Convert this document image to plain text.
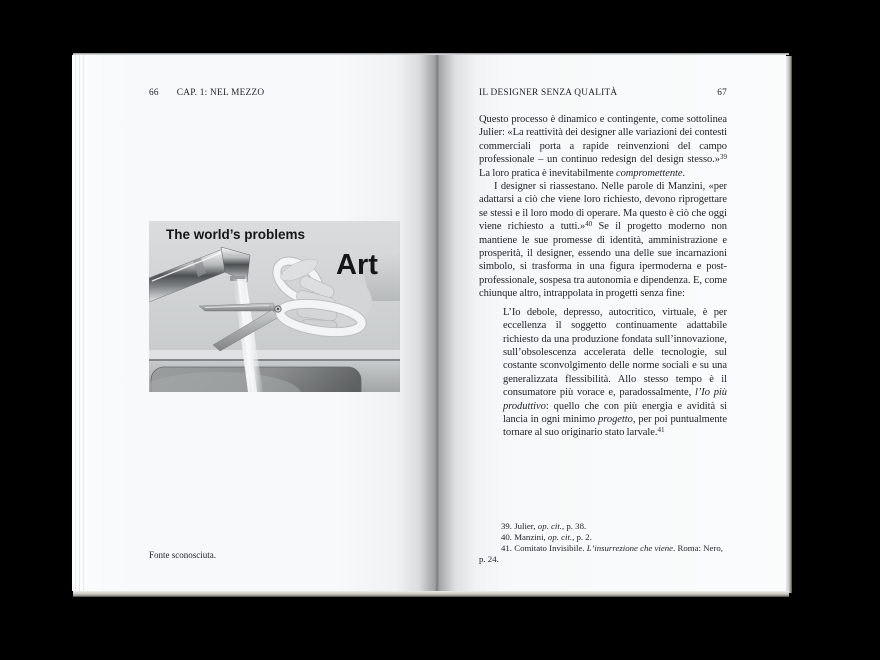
66 CAP. 1: NEL MEZZO
The world’s problems
Art
Fonte sconosciuta.
IL DESIGNER SENZA QUALITÀ	67

Questo processo è dinamico e contingente, come sottolinea Julier: «La reattività dei designer alle variazioni dei contesti commerciali porta a rapide reinvenzioni del campo professionale – un continuo redesign del design stesso.»$^{39}$ La loro pratica è inevitabilmente compromettente.

I designer si riassestano. Nelle parole di Manzini, «per adattarsi a ciò che viene loro richiesto, devono riprogettare se stessi e il loro modo di operare. Ma questo è ciò che oggi viene richiesto a tutti.»$^{40}$ Se il progetto moderno non mantiene le sue promesse di identità, amministrazione e prosperità, il designer, essendo una delle sue incarnazioni simbolo, si trasforma in una figura ipermoderna e post-professionale, sospesa tra autonomia e dipendenza. E, come chiunque altro, intrappolata in progetti senza fine:

L’Io debole, depresso, autocritico, virtuale, è per eccellenza il soggetto continuamente adattabile richiesto da una produzione fondata sull’innovazione, sull’obsolescenza accelerata delle tecnologie, sul costante sconvolgimento delle norme sociali e su una generalizzata flessibilità. Allo stesso tempo è il consumatore più vorace e, paradossalmente, l’Io più produttivo: quello che con più energia e avidità si lancia in ogni minimo progetto, per poi puntualmente tornare al suo originario stato larvale.$^{41}$

39. Julier, op. cit., p. 38.

40. Manzini, op. cit., p. 2.

41. Comitato Invisibile. L’insurrezione che viene. Roma: Nero, p. 24.
